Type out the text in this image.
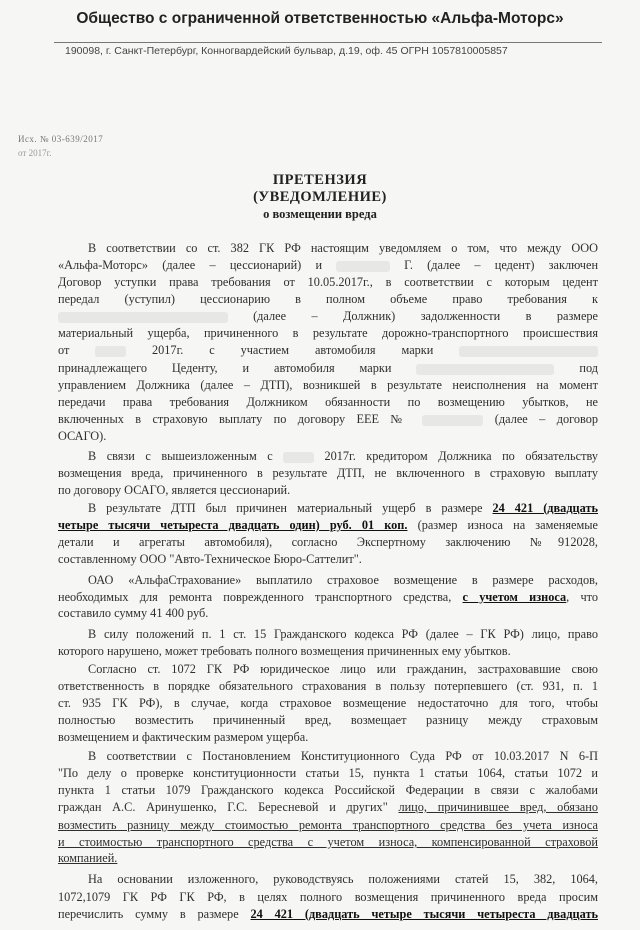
Общество с ограниченной ответственностью «Альфа-Моторс»
190098, г. Санкт-Петербург, Конногвардейский бульвар, д.19, оф. 45 ОГРН 1057810005857
Исх. № 03-639/2017
от 2017г.
ПРЕТЕНЗИЯ
(УВЕДОМЛЕНИЕ)
о возмещении вреда
В соответствии со ст. 382 ГК РФ настоящим уведомляем о том, что между ООО
«Альфа-Моторс» (далее – цессионарий) и	Г. (далее – цедент) заключен
Договор уступки права требования от 10.05.2017г., в соответствии с которым цедент
передал (уступил) цессионарию в полном объеме право требования к
(далее – Должник) задолженности в размере
материальный ущерба, причиненного в результате дорожно-транспортного происшествия
от	2017г. с участием автомобиля марки
принадлежащего Цеденту, и автомобиля марки	под
управлением Должника (далее – ДТП), возникшей в результате неисполнения на момент
передачи права требования Должником обязанности по возмещению убытков, не
включенных в страховую выплату по договору ЕЕЕ №	(далее – договор
ОСАГО).
В связи с вышеизложенным с	2017г. кредитором Должника по обязательству
возмещения вреда, причиненного в результате ДТП, не включенного в страховую выплату
по договору ОСАГО, является цессионарий.
В результате ДТП был причинен материальный ущерб в размере 24 421 (двадцать
четыре тысячи четыреста двадцать один) руб. 01 коп. (размер износа на заменяемые
детали и агрегаты автомобиля), согласно Экспертному заключению №912028,
составленному ООО "Авто-Техническое Бюро-Саттелит".
ОАО «АльфаСтрахование» выплатило страховое возмещение в размере расходов,
необходимых для ремонта поврежденного транспортного средства, с учетом износа, что
составило сумму 41 400 руб.
В силу положений п. 1 ст. 15 Гражданского кодекса РФ (далее – ГК РФ) лицо, право
которого нарушено, может требовать полного возмещения причиненных ему убытков.
Согласно ст. 1072 ГК РФ юридическое лицо или гражданин, застраховавшие свою
ответственность в порядке обязательного страхования в пользу потерпевшего (ст. 931, п. 1
ст. 935 ГК РФ), в случае, когда страховое возмещение недостаточно для того, чтобы
полностью возместить причиненный вред, возмещает разницу между страховым
возмещением и фактическим размером ущерба.
В соответствии с Постановлением Конституционного Суда РФ от 10.03.2017 N 6-П
"По делу о проверке конституционности статьи 15, пункта 1 статьи 1064, статьи 1072 и
пункта 1 статьи 1079 Гражданского кодекса Российской Федерации в связи с жалобами
граждан А.С. Аринушенко, Г.С. Бересневой и других" лицо, причинившее вред, обязано
возместить разницу между стоимостью ремонта транспортного средства без учета износа
и стоимостью транспортного средства с учетом износа, компенсированной страховой
компанией.
На основании изложенного, руководствуясь положениями статей 15, 382, 1064,
1072,1079 ГК РФ ГК РФ, в целях полного возмещения причиненного вреда просим
перечислить сумму в размере 24 421 (двадцать четыре тысячи четыреста двадцать
